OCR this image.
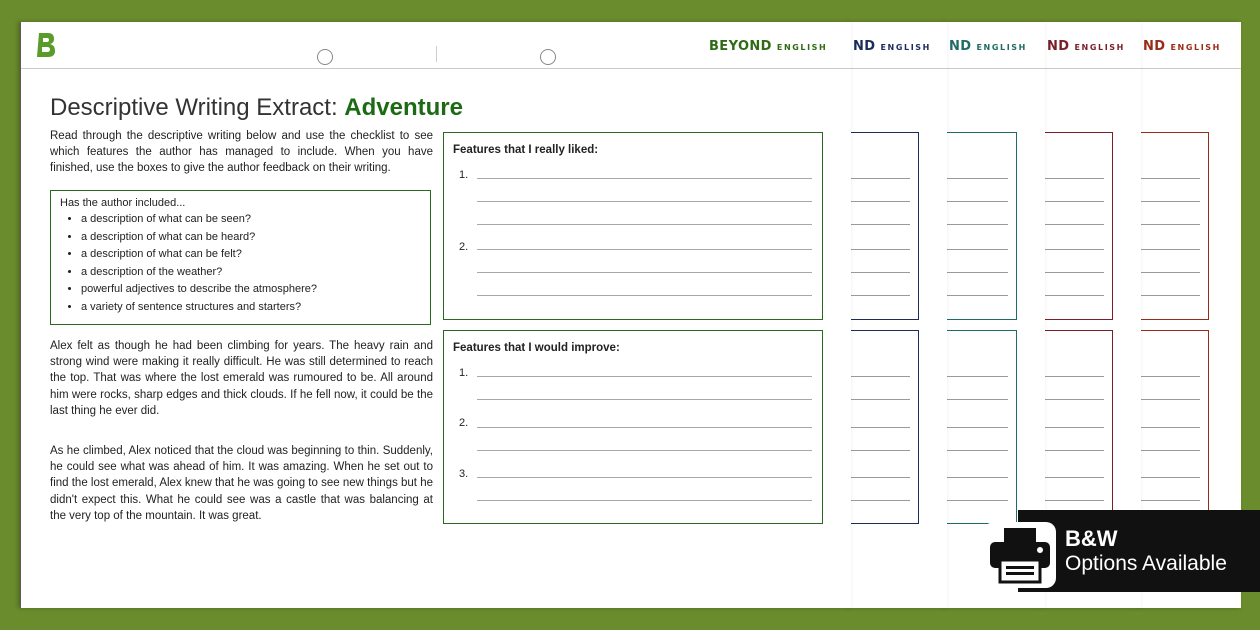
ND ENGLISH
ND ENGLISH
ND ENGLISH
ND ENGLISH
BEYOND ENGLISH
Descriptive Writing Extract: Adventure
Read through the descriptive writing below and use the checklist to see which features the author has managed to include. When you have finished, use the boxes to give the author feedback on their writing.
Has the author included...
• a description of what can be seen?
• a description of what can be heard?
• a description of what can be felt?
• a description of the weather?
• powerful adjectives to describe the atmosphere?
• a variety of sentence structures and starters?
Alex felt as though he had been climbing for years. The heavy rain and strong wind were making it really difficult. He was still determined to reach the top. That was where the lost emerald was rumoured to be. All around him were rocks, sharp edges and thick clouds. If he fell now, it could be the last thing he ever did.
As he climbed, Alex noticed that the cloud was beginning to thin. Suddenly, he could see what was ahead of him. It was amazing. When he set out to find the lost emerald, Alex knew that he was going to see new things but he didn't expect this. What he could see was a castle that was balancing at the very top of the mountain. It was great.
Features that I really liked:
1.
2.
Features that I would improve:
1.
2.
3.
B&W
Options Available
